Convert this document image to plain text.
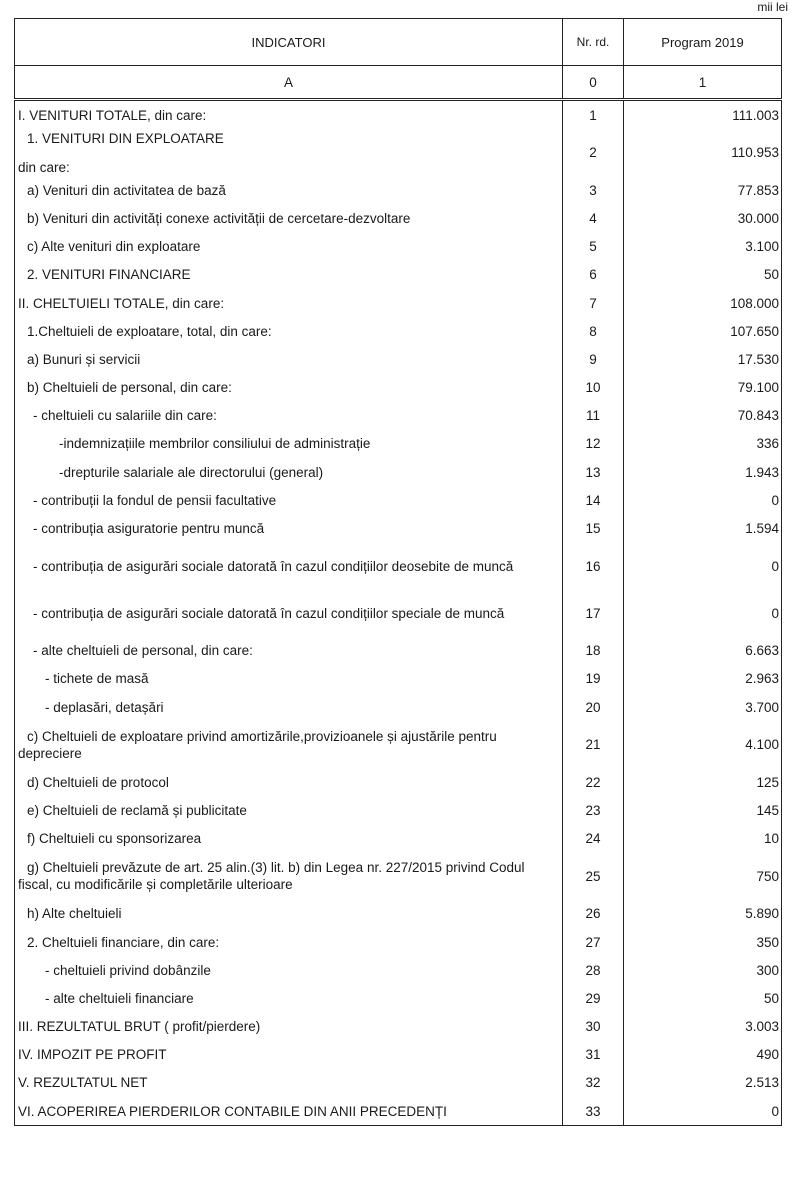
mii lei
INDICATORI	Nr. rd.	Program 2019
A	0	1

I. VENITURI TOTALE, din care:	1	111.003

1. VENITURI DIN EXPLOATARE
din care:	2	110.953

a) Venituri din activitatea de bază	3	77.853

b) Venituri din activități conexe activității de cercetare-dezvoltare	4	30.000

c) Alte venituri din exploatare	5	3.100

2. VENITURI FINANCIARE	6	50

II. CHELTUIELI TOTALE, din care:	7	108.000

1.Cheltuieli de exploatare, total, din care:	8	107.650

a) Bunuri și servicii	9	17.530

b) Cheltuieli de personal, din care:	10	79.100

- cheltuieli cu salariile din care:	11	70.843

-indemnizațiile membrilor consiliului de administrație	12	336

-drepturile salariale ale directorului (general)	13	1.943

- contribuții la fondul de pensii facultative	14	0

- contribuția asiguratorie pentru muncă	15	1.594

- contribuția de asigurări sociale datorată în cazul condițiilor deosebite de muncă	16	0

- contribuția de asigurări sociale datorată în cazul condițiilor speciale de muncă	17	0

- alte cheltuieli de personal, din care:	18	6.663

- tichete de masă	19	2.963

- deplasări, detașări	20	3.700

c) Cheltuieli de exploatare privind amortizările,provizioanele și ajustările pentru depreciere	21	4.100

d) Cheltuieli de protocol	22	125

e) Cheltuieli de reclamă și publicitate	23	145

f) Cheltuieli cu sponsorizarea	24	10

g) Cheltuieli prevăzute de art. 25 alin.(3) lit. b) din Legea nr. 227/2015 privind Codul fiscal, cu modificările și completările ulterioare	25	750

h) Alte cheltuieli	26	5.890

2. Cheltuieli financiare, din care:	27	350

- cheltuieli privind dobânzile	28	300

- alte cheltuieli financiare	29	50

III. REZULTATUL BRUT ( profit/pierdere)	30	3.003

IV. IMPOZIT PE PROFIT	31	490

V. REZULTATUL NET	32	2.513

VI. ACOPERIREA PIERDERILOR CONTABILE DIN ANII PRECEDENȚI	33	0
